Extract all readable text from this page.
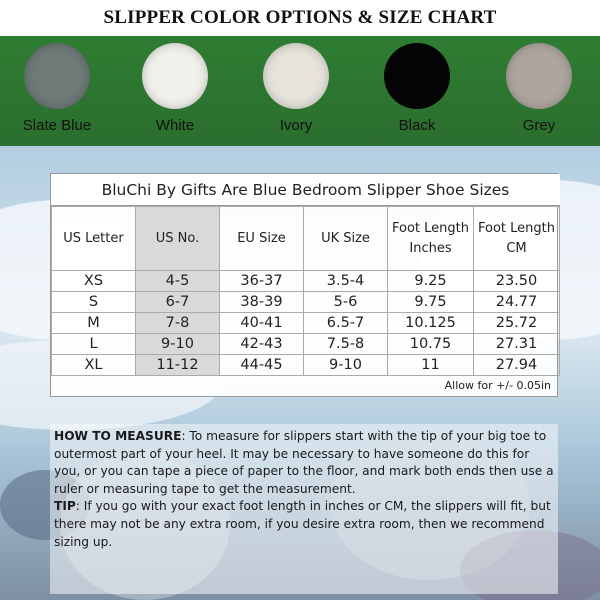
SLIPPER COLOR OPTIONS & SIZE CHART
Slate Blue	White	Ivory	Black	Grey
BluChi By Gifts Are Blue Bedroom Slipper Shoe Sizes
US Letter	US No.	EU Size	UK Size	Foot Length Inches	Foot Length CM
XS	4-5	36-37	3.5-4	9.25	23.50
S	6-7	38-39	5-6	9.75	24.77
M	7-8	40-41	6.5-7	10.125	25.72
L	9-10	42-43	7.5-8	10.75	27.31
XL	11-12	44-45	9-10	11	27.94
Allow for +/- 0.05in

HOW TO MEASURE: To measure for slippers start with the tip of your big toe to outermost part of your heel. It may be necessary to have someone do this for you, or you can tape a piece of paper to the floor, and mark both ends then use a ruler or measuring tape to get the measurement.

TIP: If you go with your exact foot length in inches or CM, the slippers will fit, but there may not be any extra room, if you desire extra room, then we recommend sizing up.
